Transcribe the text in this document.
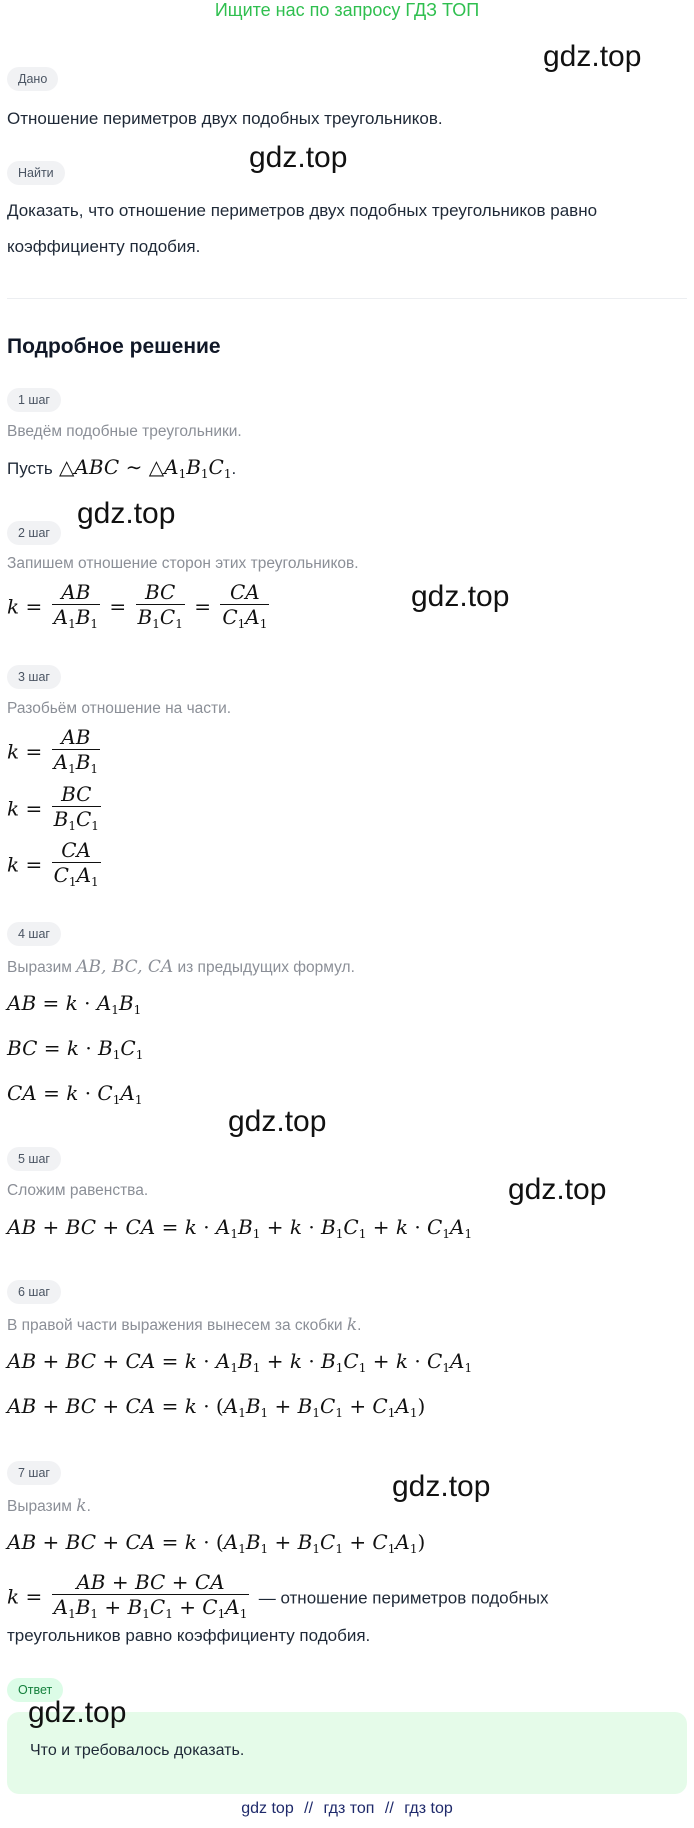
Ищите нас по запросу ГДЗ ТОП
gdz.top
gdz.top
gdz.top
gdz.top
gdz.top
gdz.top
gdz.top
Дано
Отношение периметров двух подобных треугольников.
Найти
Доказать, что отношение периметров двух подобных треугольников равно
коэффициенту подобия.
Подробное решение
1 шаг
Введём подобные треугольники.
Пусть △ABC ∼ $\triangle A_1B_1C_1$.
2 шаг
Запишем отношение сторон этих треугольников.
$k = \frac{AB}{A_1B_1} = \frac{BC}{B_1C_1} = \frac{CA}{C_1A_1}$
3 шаг
Разобьём отношение на части.
$k = \frac{AB}{A_1B_1}$
$k = \frac{BC}{B_1C_1}$
$k = \frac{CA}{C_1A_1}$
4 шаг
Выразим AB, BC, CA из предыдущих формул.
AB = $k \cdot A_1B_1$
BC = $k \cdot B_1C_1$
CA = $k \cdot C_1A_1$
5 шаг
Сложим равенства.
AB + BC + CA = $k \cdot A_1B_1 + k \cdot B_1C_1 + k \cdot C_1A_1$
6 шаг
В правой части выражения вынесем за скобки k.
AB + BC + CA = $k \cdot A_1B_1 + k \cdot B_1C_1 + k \cdot C_1A_1$
AB + BC + CA = $k \cdot (A_1B_1 + B_1C_1 + C_1A_1)$
7 шаг
Выразим k.
AB + BC + CA = $k \cdot (A_1B_1 + B_1C_1 + C_1A_1)$
$k = \frac{AB + BC + CA}{A_1B_1 + B_1C_1 + C_1A_1}$ — отношение периметров подобных
треугольников равно коэффициенту подобия.
Ответ
Что и требовалось доказать.
gdz.top
gdz top // гдз топ // гдз top
